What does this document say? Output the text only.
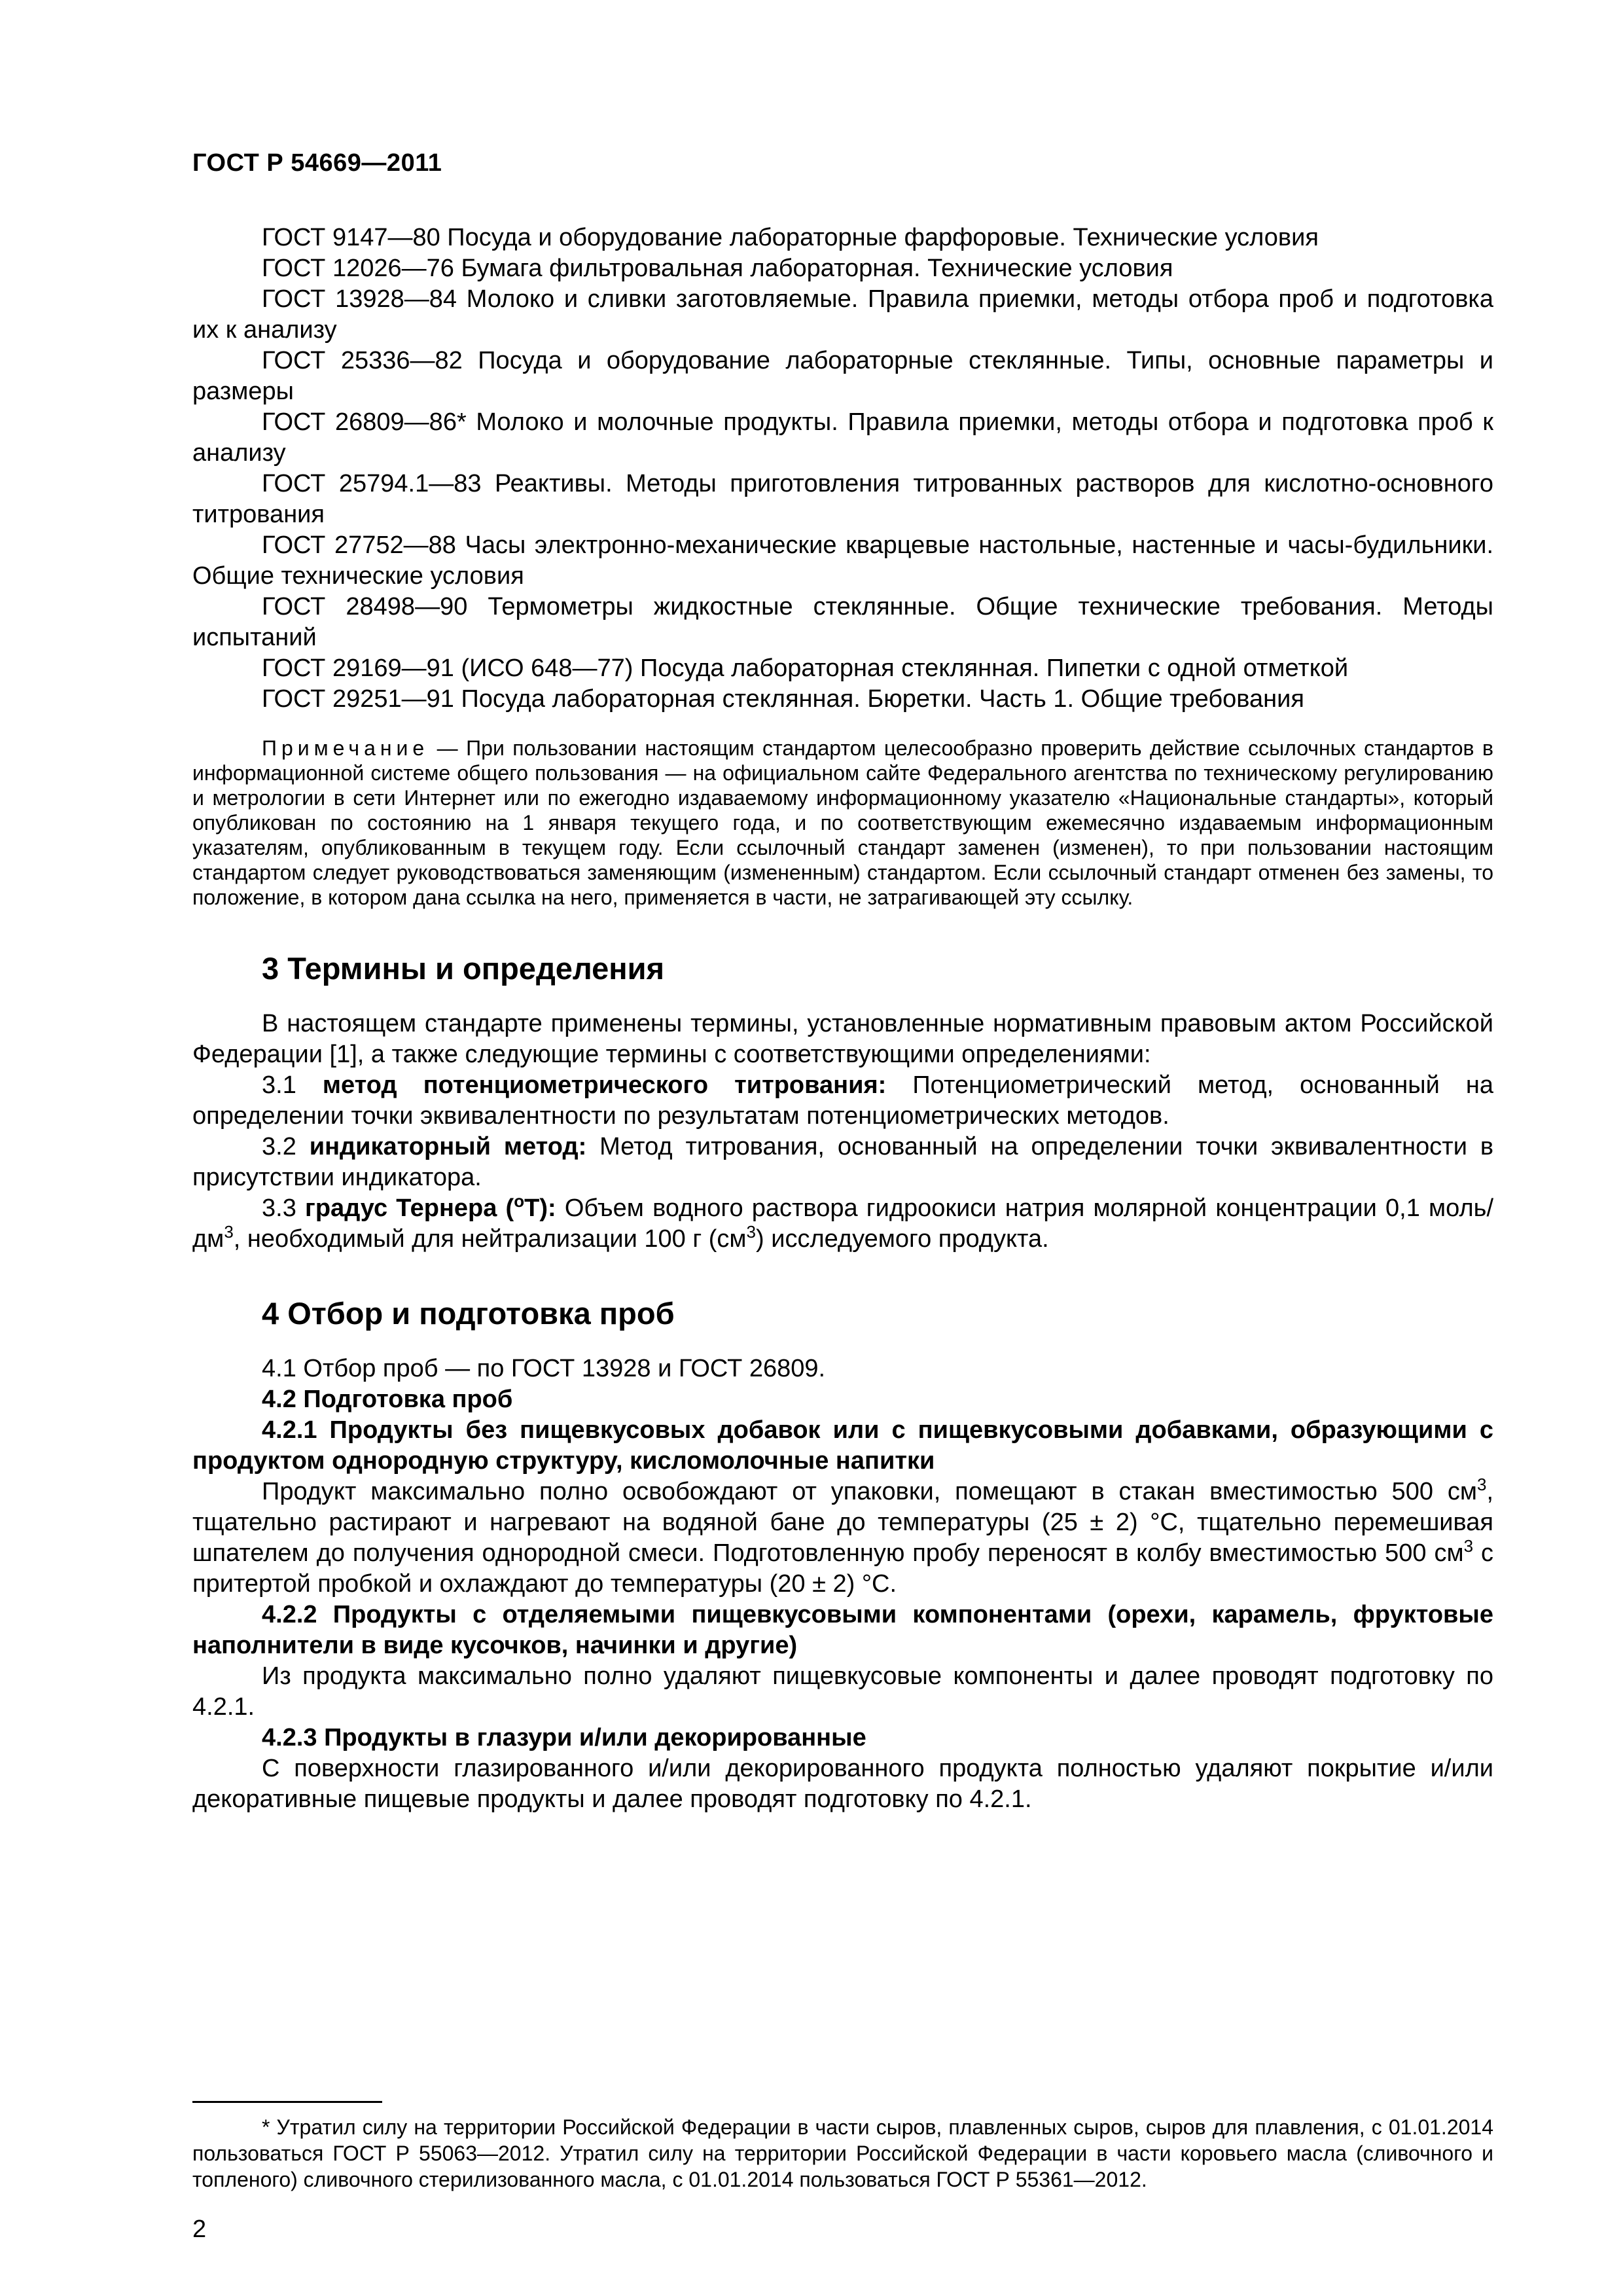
ГОСТ Р 54669—2011

ГОСТ 9147—80 Посуда и оборудование лабораторные фарфоровые. Технические условия

ГОСТ 12026—76 Бумага фильтровальная лабораторная. Технические условия

ГОСТ 13928—84 Молоко и сливки заготовляемые. Правила приемки, методы отбора проб и подготовка их к анализу

ГОСТ 25336—82 Посуда и оборудование лабораторные стеклянные. Типы, основные параметры и размеры

ГОСТ 26809—86* Молоко и молочные продукты. Правила приемки, методы отбора и подготовка проб к анализу

ГОСТ 25794.1—83 Реактивы. Методы приготовления титрованных растворов для кислотно-основного титрования

ГОСТ 27752—88 Часы электронно-механические кварцевые настольные, настенные и часы-будильники. Общие технические условия

ГОСТ 28498—90 Термометры жидкостные стеклянные. Общие технические требования. Методы испытаний

ГОСТ 29169—91 (ИСО 648—77) Посуда лабораторная стеклянная. Пипетки с одной отметкой

ГОСТ 29251—91 Посуда лабораторная стеклянная. Бюретки. Часть 1. Общие требования

Примечание — При пользовании настоящим стандартом целесообразно проверить действие ссылочных стандартов в информационной системе общего пользования — на официальном сайте Федерального агентства по техническому регулированию и метрологии в сети Интернет или по ежегодно издаваемому информационному указателю «Национальные стандарты», который опубликован по состоянию на 1 января текущего года, и по соответствующим ежемесячно издаваемым информационным указателям, опубликованным в текущем году. Если ссылочный стандарт заменен (изменен), то при пользовании настоящим стандартом следует руководствоваться заменяющим (измененным) стандартом. Если ссылочный стандарт отменен без замены, то положение, в котором дана ссылка на него, применяется в части, не затрагивающей эту ссылку.
3 Термины и определения

В настоящем стандарте применены термины, установленные нормативным правовым актом Российской Федерации [1], а также следующие термины с соответствующими определениями:

3.1 метод потенциометрического титрования: Потенциометрический метод, основанный на определении точки эквивалентности по результатам потенциометрических методов.

3.2 индикаторный метод: Метод титрования, основанный на определении точки эквивалентности в присутствии индикатора.

3.3 градус Тернера ($^о$Т): Объем водного раствора гидроокиси натрия молярной концентрации 0,1 моль/$дм^3$, необходимый для нейтрализации 100 г $(см^3)$ исследуемого продукта.

4 Отбор и подготовка проб

4.1 Отбор проб — по ГОСТ 13928 и ГОСТ 26809.

4.2 Подготовка проб

4.2.1 Продукты без пищевкусовых добавок или с пищевкусовыми добавками, образующими с продуктом однородную структуру, кисломолочные напитки

Продукт максимально полно освобождают от упаковки, помещают в стакан вместимостью 500 $см^3$, тщательно растирают и нагревают на водяной бане до температуры (25 ± 2) °С, тщательно перемешивая шпателем до получения однородной смеси. Подготовленную пробу переносят в колбу вместимостью 500 $см^3$ с притертой пробкой и охлаждают до температуры (20 ± 2) °С.

4.2.2 Продукты с отделяемыми пищевкусовыми компонентами (орехи, карамель, фруктовые наполнители в виде кусочков, начинки и другие)

Из продукта максимально полно удаляют пищевкусовые компоненты и далее проводят подготовку по 4.2.1.

4.2.3 Продукты в глазури и/или декорированные

С поверхности глазированного и/или декорированного продукта полностью удаляют покрытие и/или декоративные пищевые продукты и далее проводят подготовку по 4.2.1.

* Утратил силу на территории Российской Федерации в части сыров, плавленных сыров, сыров для плавления, с 01.01.2014 пользоваться ГОСТ Р 55063—2012. Утратил силу на территории Российской Федерации в части коровьего масла (сливочного и топленого) сливочного стерилизованного масла, с 01.01.2014 пользоваться ГОСТ Р 55361—2012.
2
